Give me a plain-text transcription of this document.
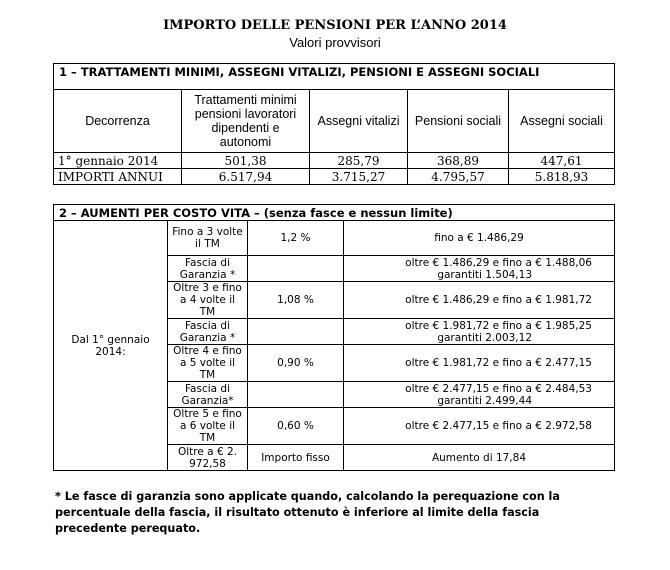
IMPORTO DELLE PENSIONI PER L’ANNO 2014
Valori provvisori
1 – TRATTAMENTI MINIMI, ASSEGNI VITALIZI, PENSIONI E ASSEGNI SOCIALI				
Decorrenza	Trattamenti minimi pensioni lavoratori dipendenti e autonomi	Assegni vitalizi	Pensioni sociali	Assegni sociali
1° gennaio 2014	501,38	285,79	368,89	447,61
IMPORTI ANNUI	6.517,94	3.715,27	4.795,57	5.818,93
2 – AUMENTI PER COSTO VITA – (senza fasce e nessun limite)			
Dal 1° gennaio 2014:	Fino a 3 volte il TM	1,2 %	fino a € 1.486,29
	Fascia di Garanzia *		oltre € 1.486,29 e fino a € 1.488,06
garantiti 1.504,13

	Oltre 3 e fino a 4 volte il TM	1,08 %	oltre € 1.486,29 e fino a € 1.981,72
	Fascia di Garanzia *		oltre € 1.981,72 e fino a € 1.985,25
garantiti 2.003,12

	Oltre 4 e fino a 5 volte il TM	0,90 %	oltre € 1.981,72 e fino a € 2.477,15
	Fascia di Garanzia*		oltre € 2.477,15 e fino a € 2.484,53
garantiti 2.499,44

	Oltre 5 e fino a 6 volte il TM	0,60 %	oltre € 2.477,15 e fino a € 2.972,58
	Oltre a € 2. 972,58	Importo fisso	Aumento di 17,84
* Le fasce di garanzia sono applicate quando, calcolando la perequazione con la percentuale della fascia, il risultato ottenuto è inferiore al limite della fascia precedente perequato.
